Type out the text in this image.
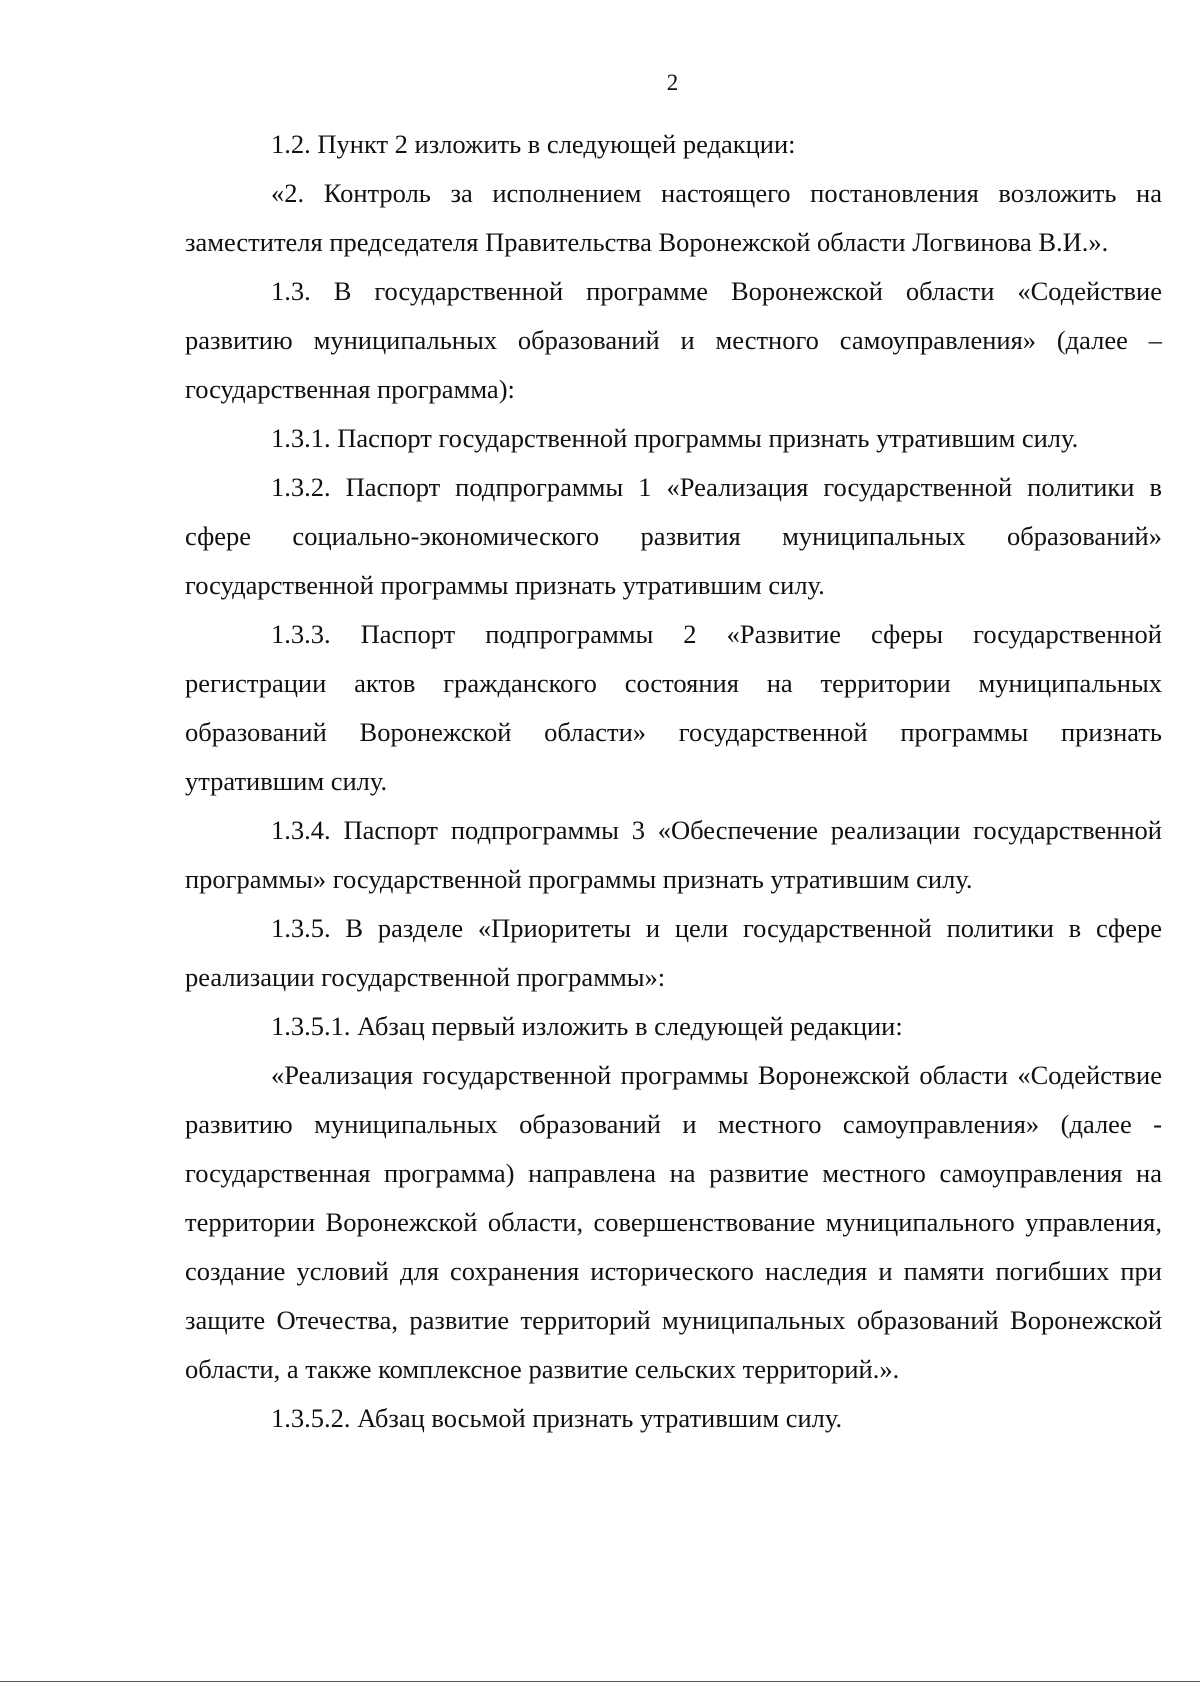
2

1.2. Пункт 2 изложить в следующей редакции:

«2. Контроль за исполнением настоящего постановления возложить на заместителя председателя Правительства Воронежской области Логвинова В.И.».

1.3. В государственной программе Воронежской области «Содействие развитию муниципальных образований и местного самоуправления» (далее – государственная программа):

1.3.1. Паспорт государственной программы признать утратившим силу.

1.3.2. Паспорт подпрограммы 1 «Реализация государственной политики в сфере социально-экономического развития муниципальных образований» государственной программы признать утратившим силу.

1.3.3. Паспорт подпрограммы 2 «Развитие сферы государственной регистрации актов гражданского состояния на территории муниципальных образований Воронежской области» государственной программы признать утратившим силу.

1.3.4. Паспорт подпрограммы 3 «Обеспечение реализации государственной программы» государственной программы признать утратившим силу.

1.3.5. В разделе «Приоритеты и цели государственной политики в сфере реализации государственной программы»:

1.3.5.1. Абзац первый изложить в следующей редакции:

«Реализация государственной программы Воронежской области «Содействие развитию муниципальных образований и местного самоуправления» (далее - государственная программа) направлена на развитие местного самоуправления на территории Воронежской области, совершенствование муниципального управления, создание условий для сохранения исторического наследия и памяти погибших при защите Отечества, развитие территорий муниципальных образований Воронежской области, а также комплексное развитие сельских территорий.».

1.3.5.2. Абзац восьмой признать утратившим силу.
